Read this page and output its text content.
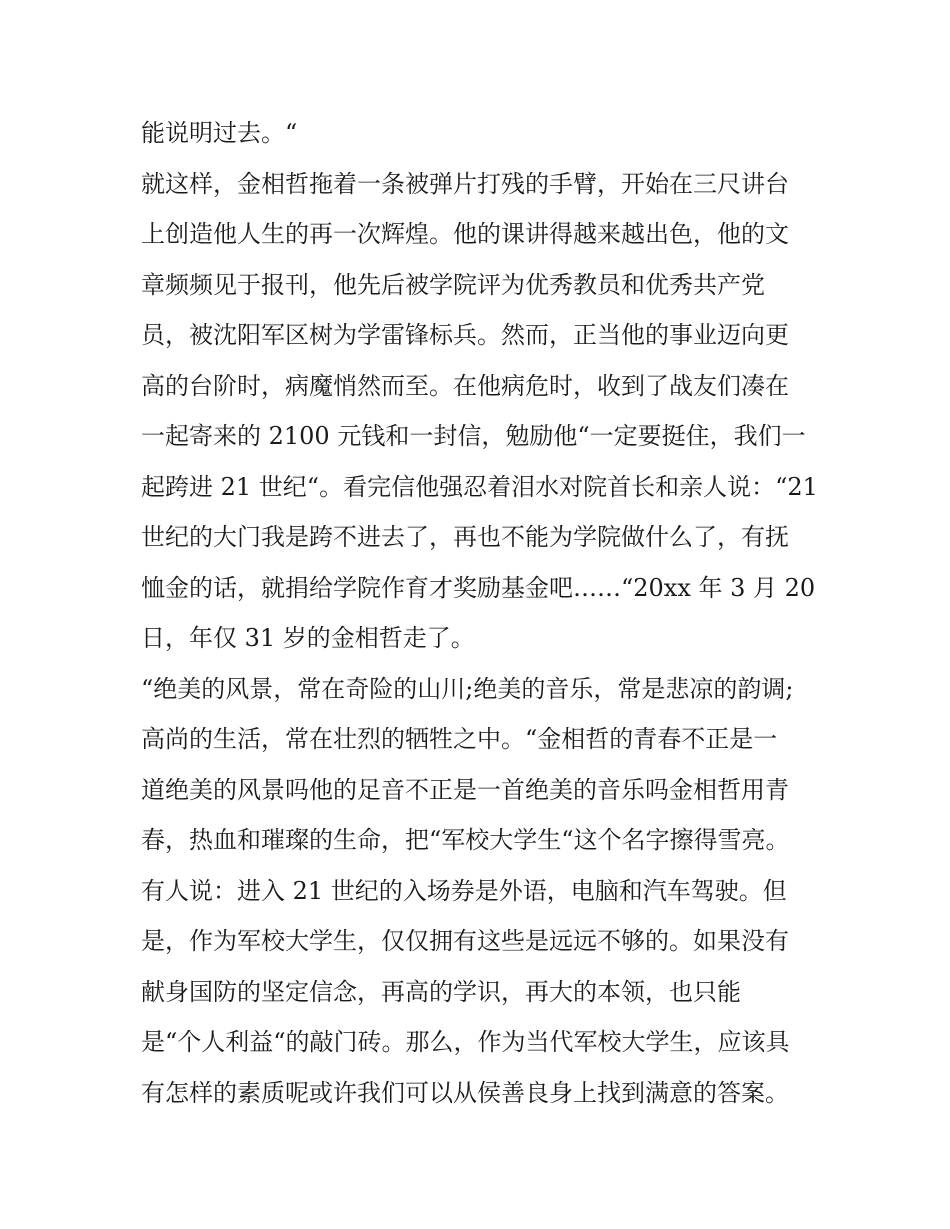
能说明过去。“
就这样，金相哲拖着一条被弹片打残的手臂，开始在三尺讲台
上创造他人生的再一次辉煌。他的课讲得越来越出色，他的文
章频频见于报刊，他先后被学院评为优秀教员和优秀共产党
员，被沈阳军区树为学雷锋标兵。然而，正当他的事业迈向更
高的台阶时，病魔悄然而至。在他病危时，收到了战友们凑在
一起寄来的 2100 元钱和一封信，勉励他“一定要挺住，我们一
起跨进 21 世纪“。看完信他强忍着泪水对院首长和亲人说：“21
世纪的大门我是跨不进去了，再也不能为学院做什么了，有抚
恤金的话，就捐给学院作育才奖励基金吧……“20xx 年 3 月 20
日，年仅 31 岁的金相哲走了。
“绝美的风景，常在奇险的山川;绝美的音乐，常是悲凉的韵调;
高尚的生活，常在壮烈的牺牲之中。“金相哲的青春不正是一
道绝美的风景吗他的足音不正是一首绝美的音乐吗金相哲用青
春，热血和璀璨的生命，把“军校大学生“这个名字擦得雪亮。
有人说：进入 21 世纪的入场券是外语，电脑和汽车驾驶。但
是，作为军校大学生，仅仅拥有这些是远远不够的。如果没有
献身国防的坚定信念，再高的学识，再大的本领，也只能
是“个人利益“的敲门砖。那么，作为当代军校大学生，应该具
有怎样的素质呢或许我们可以从侯善良身上找到满意的答案。
